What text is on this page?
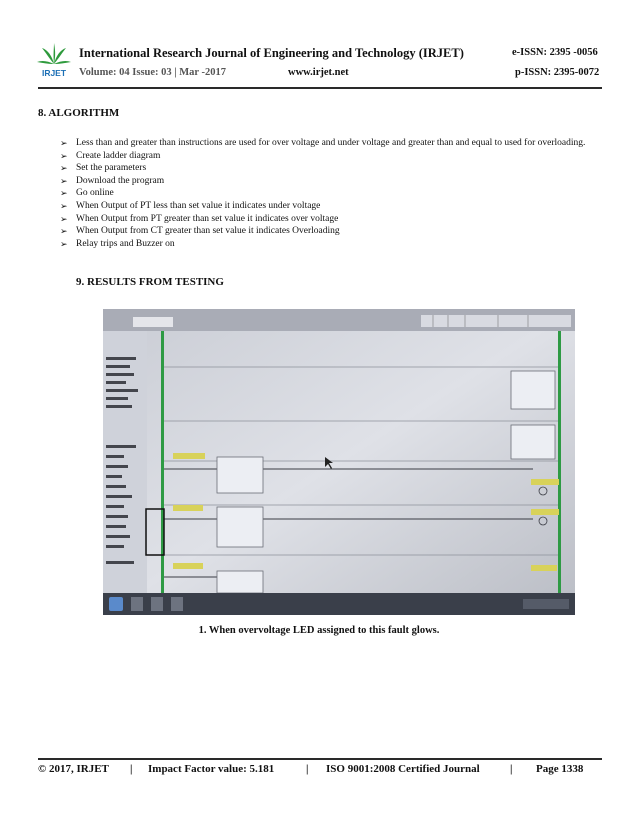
IRJET
International Research Journal of Engineering and Technology (IRJET)	e-ISSN: 2395 -0056
Volume: 04 Issue: 03 | Mar -2017	www.irjet.net	p-ISSN: 2395-0072
8. ALGORITHM
➢ Less than and greater than instructions are used for over voltage and under voltage and greater than and equal to used for overloading.
➢ Create ladder diagram
➢ Set the parameters
➢ Download the program
➢ Go online
➢ When Output of PT less than set value it indicates under voltage
➢ When Output from PT greater than set value it indicates over voltage
➢ When Output from CT greater than set value it indicates Overloading
➢ Relay trips and Buzzer on
9. RESULTS FROM TESTING
1. When overvoltage LED assigned to this fault glows.
© 2017, IRJET | Impact Factor value: 5.181	| ISO 9001:2008 Certified Journal	| Page 1338
